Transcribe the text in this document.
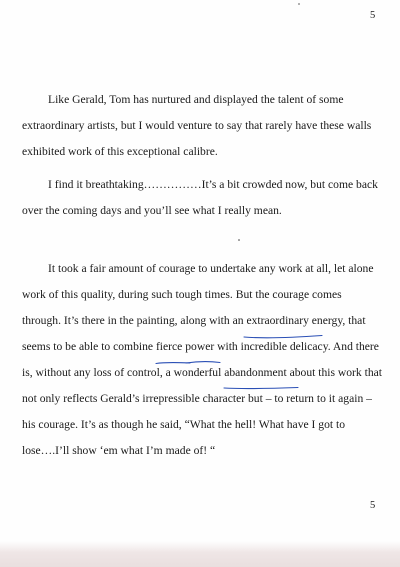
5
Like Gerald, Tom has nurtured and displayed the talent of some
extraordinary artists, but I would venture to say that rarely have these walls
exhibited work of this exceptional calibre.
I find it breathtaking……………It’s a bit crowded now, but come back
over the coming days and you’ll see what I really mean.
It took a fair amount of courage to undertake any work at all, let alone
work of this quality, during such tough times. But the courage comes
through. It’s there in the painting, along with an extraordinary
energy, that
seems to be able to combine fierce power
with incredible delicacy. And there
is, without any loss of control, a wonderful abandonment
about this work that
not only reflects Gerald’s irrepressible character but – to return to it again –
his courage. It’s as though he said, “What the hell! What have I got to
lose….I’ll show ‘em what I’m made of! “
5
